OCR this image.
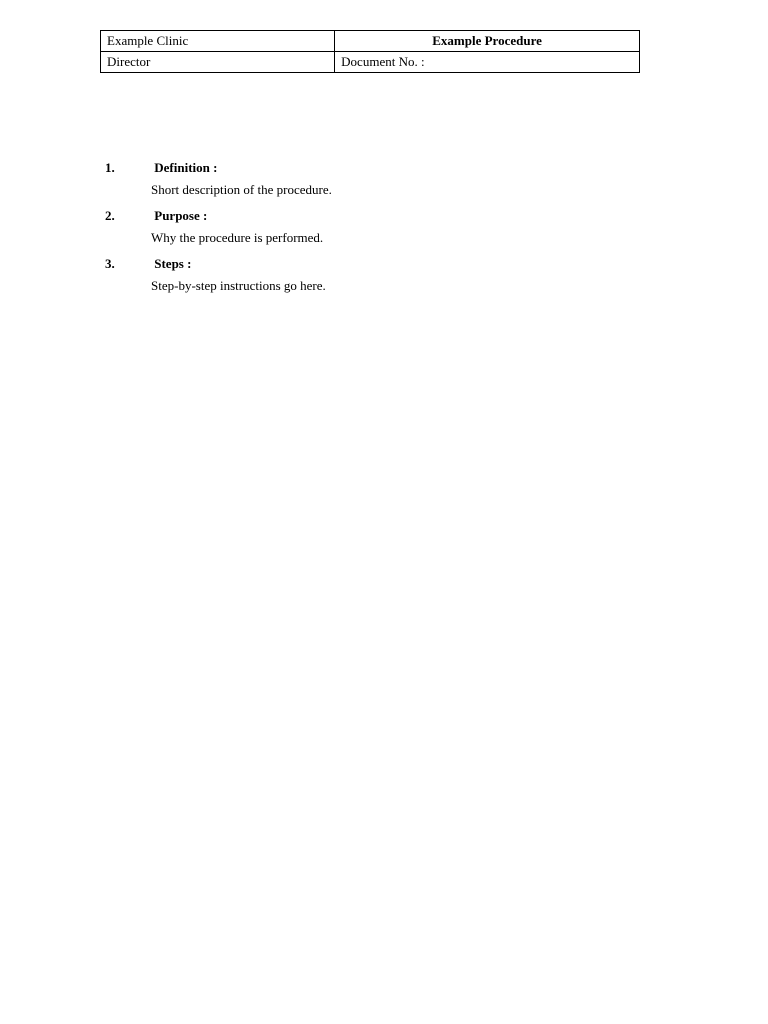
Example Clinic	Example Procedure
Director	Document No. :
1.	Definition :
Short description of the procedure.
2.	Purpose :
Why the procedure is performed.
3.	Steps :
Step-by-step instructions go here.
